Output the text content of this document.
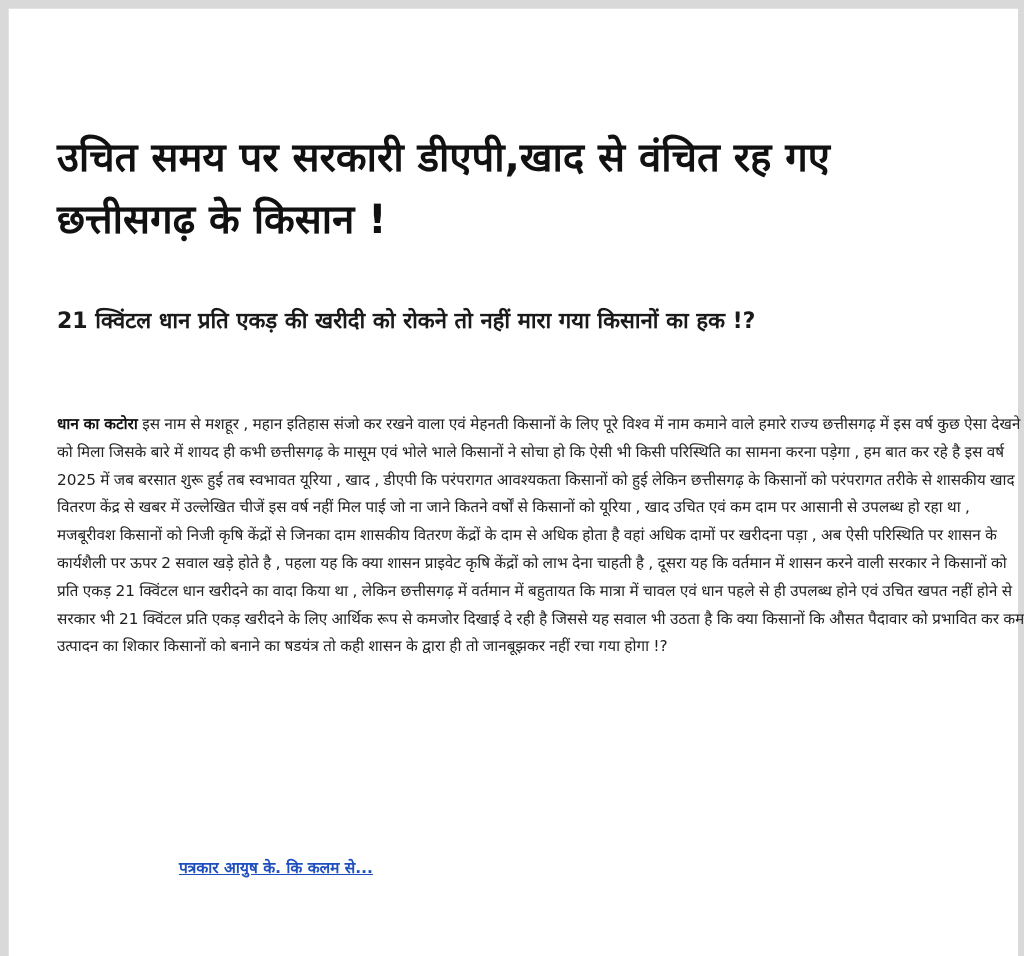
उचित समय पर सरकारी डीएपी,खाद से वंचित रह गए छत्तीसगढ़ के किसान !
21 क्विंटल धान प्रति एकड़ की खरीदी को रोकने तो नहीं मारा गया किसानों का हक !?

धान का कटोरा इस नाम से मशहूर , महान इतिहास संजो कर रखने वाला एवं मेहनती किसानों के लिए पूरे विश्व में नाम कमाने वाले हमारे राज्य छत्तीसगढ़ में इस वर्ष कुछ ऐसा देखने को मिला जिसके बारे में शायद ही कभी छत्तीसगढ़ के मासूम एवं भोले भाले किसानों ने सोचा हो कि ऐसी भी किसी परिस्थिति का सामना करना पड़ेगा , हम बात कर रहे है इस वर्ष 2025 में जब बरसात शुरू हुई तब स्वभावत यूरिया , खाद , डीएपी कि परंपरागत आवश्यकता किसानों को हुई लेकिन छत्तीसगढ़ के किसानों को परंपरागत तरीके से शासकीय खाद वितरण केंद्र से खबर में उल्लेखित चीजें इस वर्ष नहीं मिल पाई जो ना जाने कितने वर्षों से किसानों को यूरिया , खाद उचित एवं कम दाम पर आसानी से उपलब्ध हो रहा था , मजबूरीवश किसानों को निजी कृषि केंद्रों से जिनका दाम शासकीय वितरण केंद्रों के दाम से अधिक होता है वहां अधिक दामों पर खरीदना पड़ा , अब ऐसी परिस्थिति पर शासन के कार्यशैली पर ऊपर 2 सवाल खड़े होते है , पहला यह कि क्या शासन प्राइवेट कृषि केंद्रों को लाभ देना चाहती है , दूसरा यह कि वर्तमान में शासन करने वाली सरकार ने किसानों को प्रति एकड़ 21 क्विंटल धान खरीदने का वादा किया था , लेकिन छत्तीसगढ़ में वर्तमान में बहुतायत कि मात्रा में चावल एवं धान पहले से ही उपलब्ध होने एवं उचित खपत नहीं होने से सरकार भी 21 क्विंटल प्रति एकड़ खरीदने के लिए आर्थिक रूप से कमजोर दिखाई दे रही है जिससे यह सवाल भी उठता है कि क्या किसानों कि औसत पैदावार को प्रभावित कर कम उत्पादन का शिकार किसानों को बनाने का षडयंत्र तो कही शासन के द्वारा ही तो जानबूझकर नहीं रचा गया होगा !?

पत्रकार आयुष के. कि कलम से...
